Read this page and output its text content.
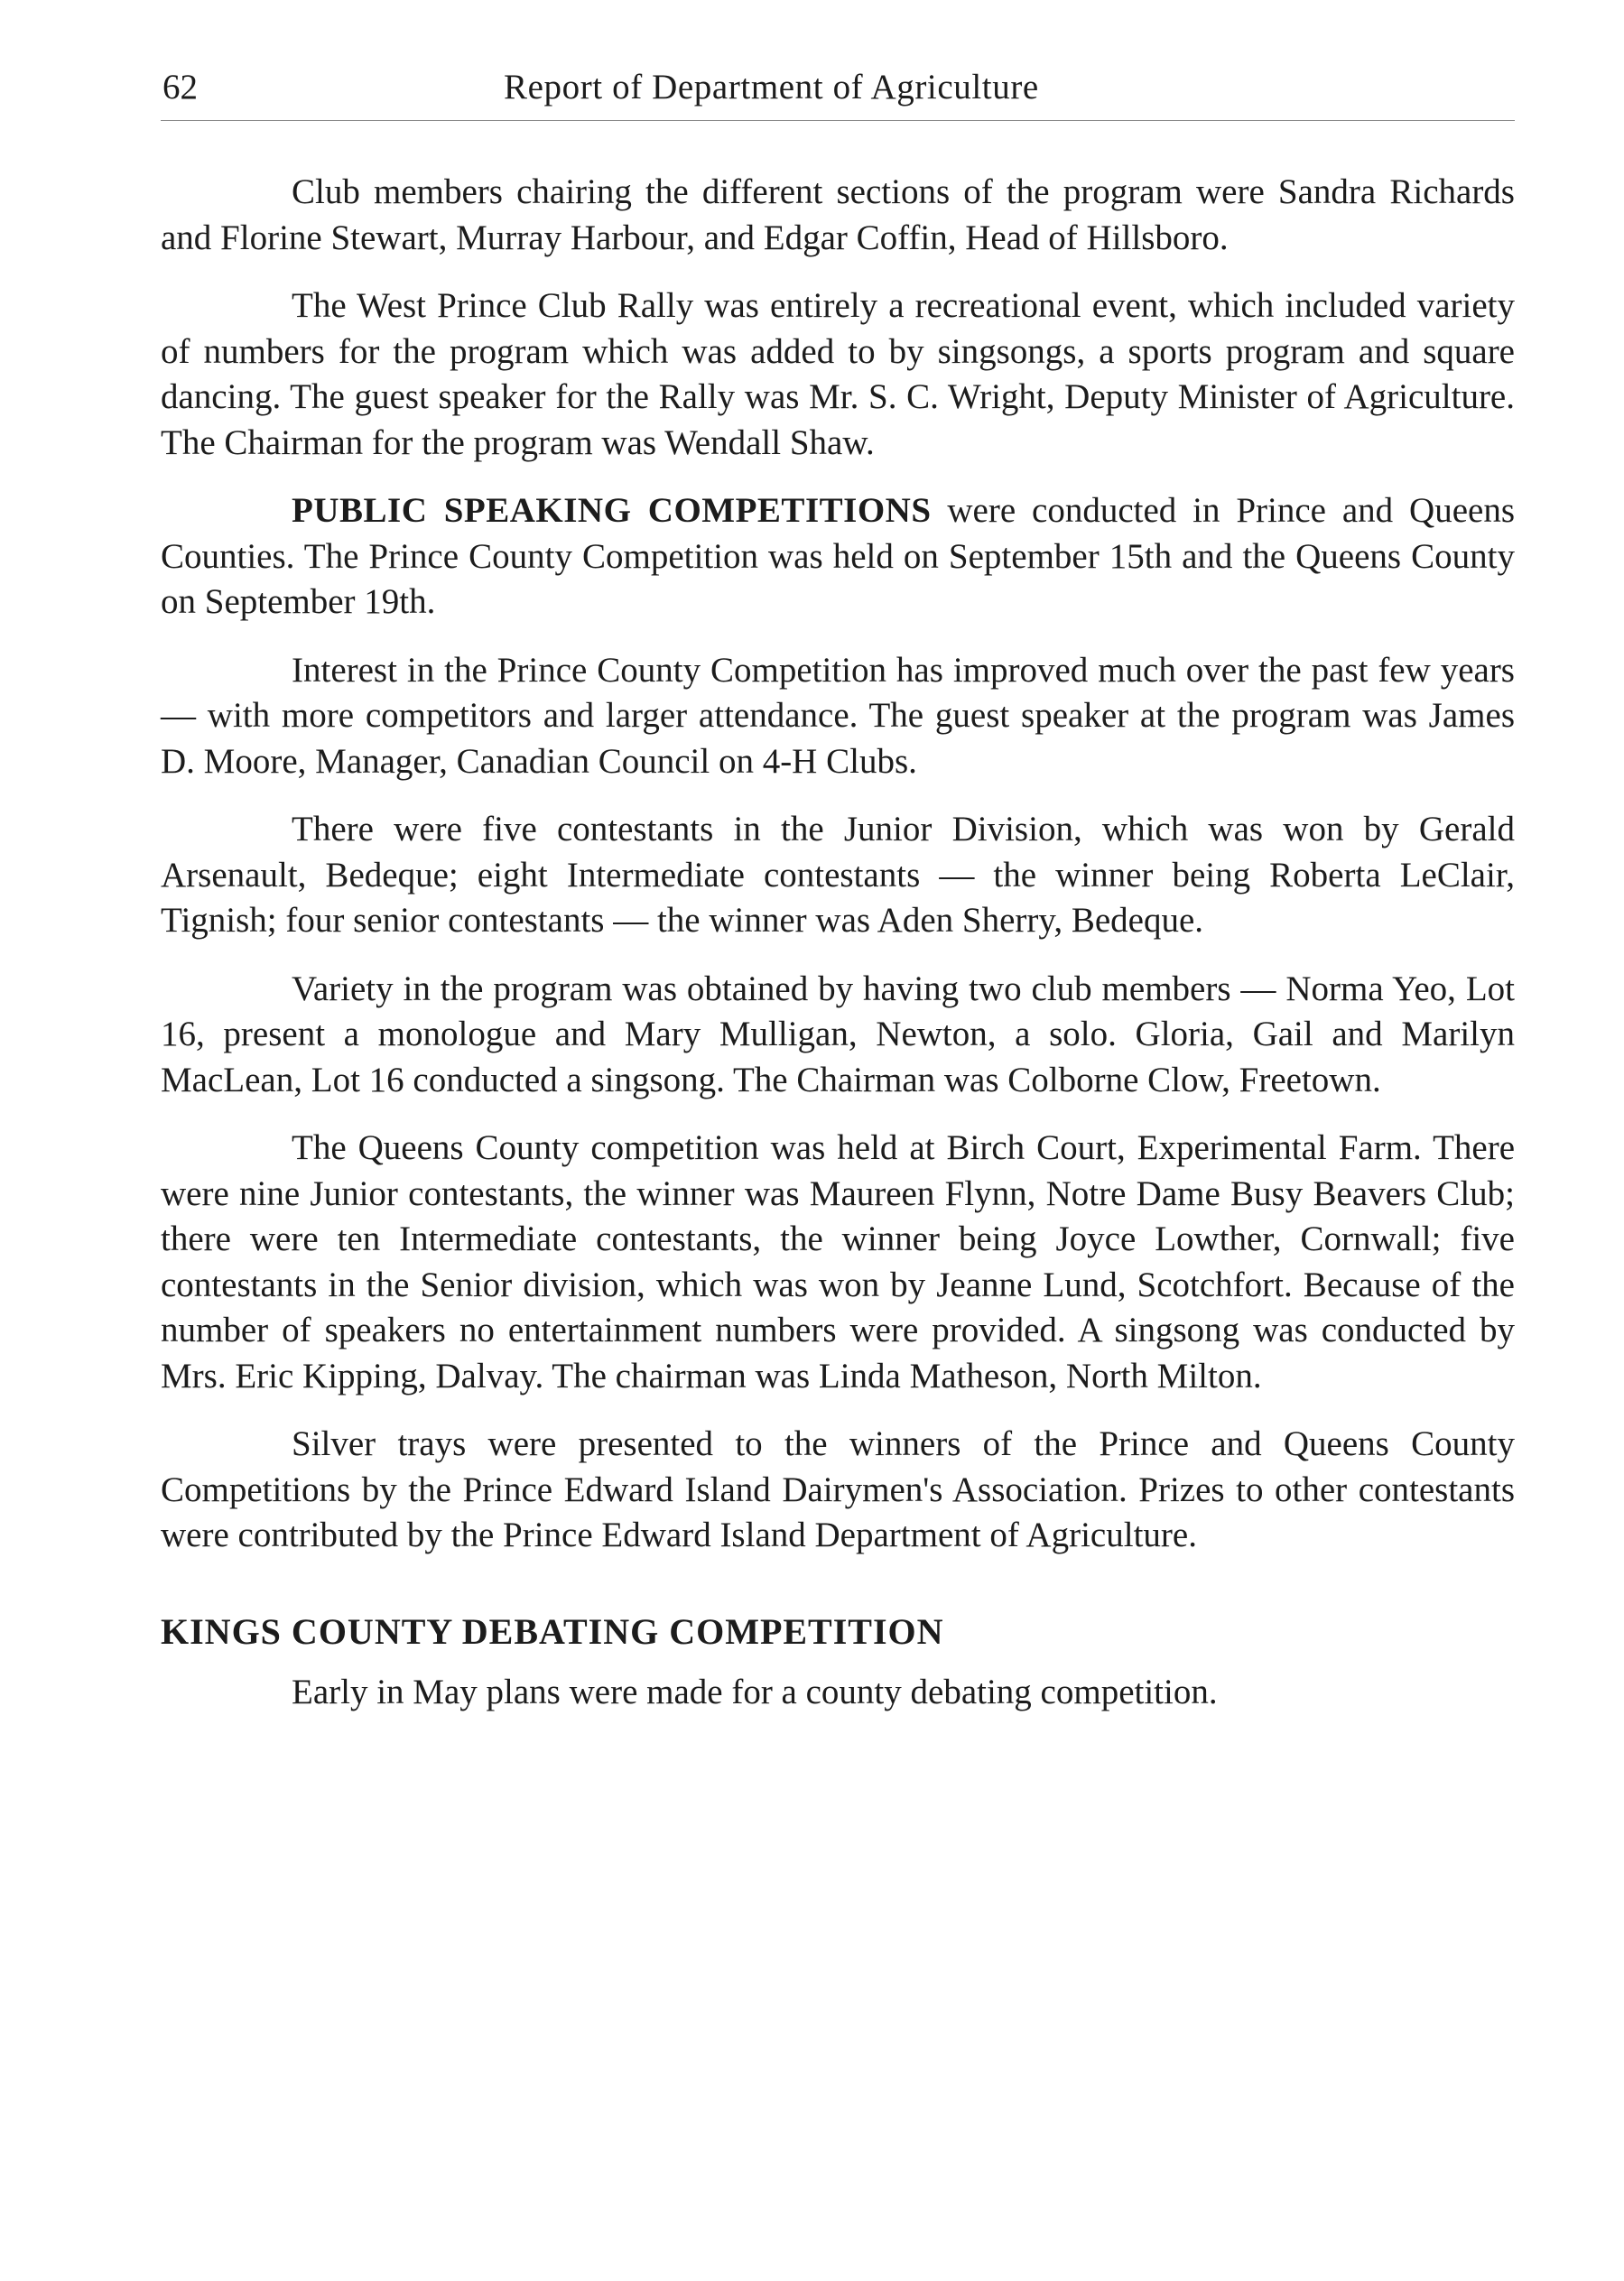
62	Report of Department of Agriculture

Club members chairing the different sections of the program were Sandra Richards and Florine Stewart, Murray Harbour, and Edgar Coffin, Head of Hillsboro.

The West Prince Club Rally was entirely a recreational event, which included variety of numbers for the program which was added to by singsongs, a sports program and square dancing. The guest speaker for the Rally was Mr. S. C. Wright, Deputy Minister of Agriculture. The Chairman for the program was Wendall Shaw.

PUBLIC SPEAKING COMPETITIONS were conducted in Prince and Queens Counties. The Prince County Competition was held on September 15th and the Queens County on September 19th.

Interest in the Prince County Competition has improved much over the past few years — with more competitors and larger attendance. The guest speaker at the program was James D. Moore, Manager, Canadian Council on 4-H Clubs.

There were five contestants in the Junior Division, which was won by Gerald Arsenault, Bedeque; eight Intermediate contestants — the winner being Roberta LeClair, Tignish; four senior contestants — the winner was Aden Sherry, Bedeque.

Variety in the program was obtained by having two club members — Norma Yeo, Lot 16, present a monologue and Mary Mulligan, Newton, a solo. Gloria, Gail and Marilyn MacLean, Lot 16 conducted a singsong. The Chairman was Colborne Clow, Freetown.

The Queens County competition was held at Birch Court, Experimental Farm. There were nine Junior contestants, the winner was Maureen Flynn, Notre Dame Busy Beavers Club; there were ten Intermediate contestants, the winner being Joyce Lowther, Cornwall; five contestants in the Senior division, which was won by Jeanne Lund, Scotchfort. Because of the number of speakers no entertainment numbers were provided. A singsong was conducted by Mrs. Eric Kipping, Dalvay. The chairman was Linda Matheson, North Milton.

Silver trays were presented to the winners of the Prince and Queens County Competitions by the Prince Edward Island Dairymen's Association. Prizes to other contestants were contributed by the Prince Edward Island Department of Agriculture.

KINGS COUNTY DEBATING COMPETITION

Early in May plans were made for a county debating competition.
